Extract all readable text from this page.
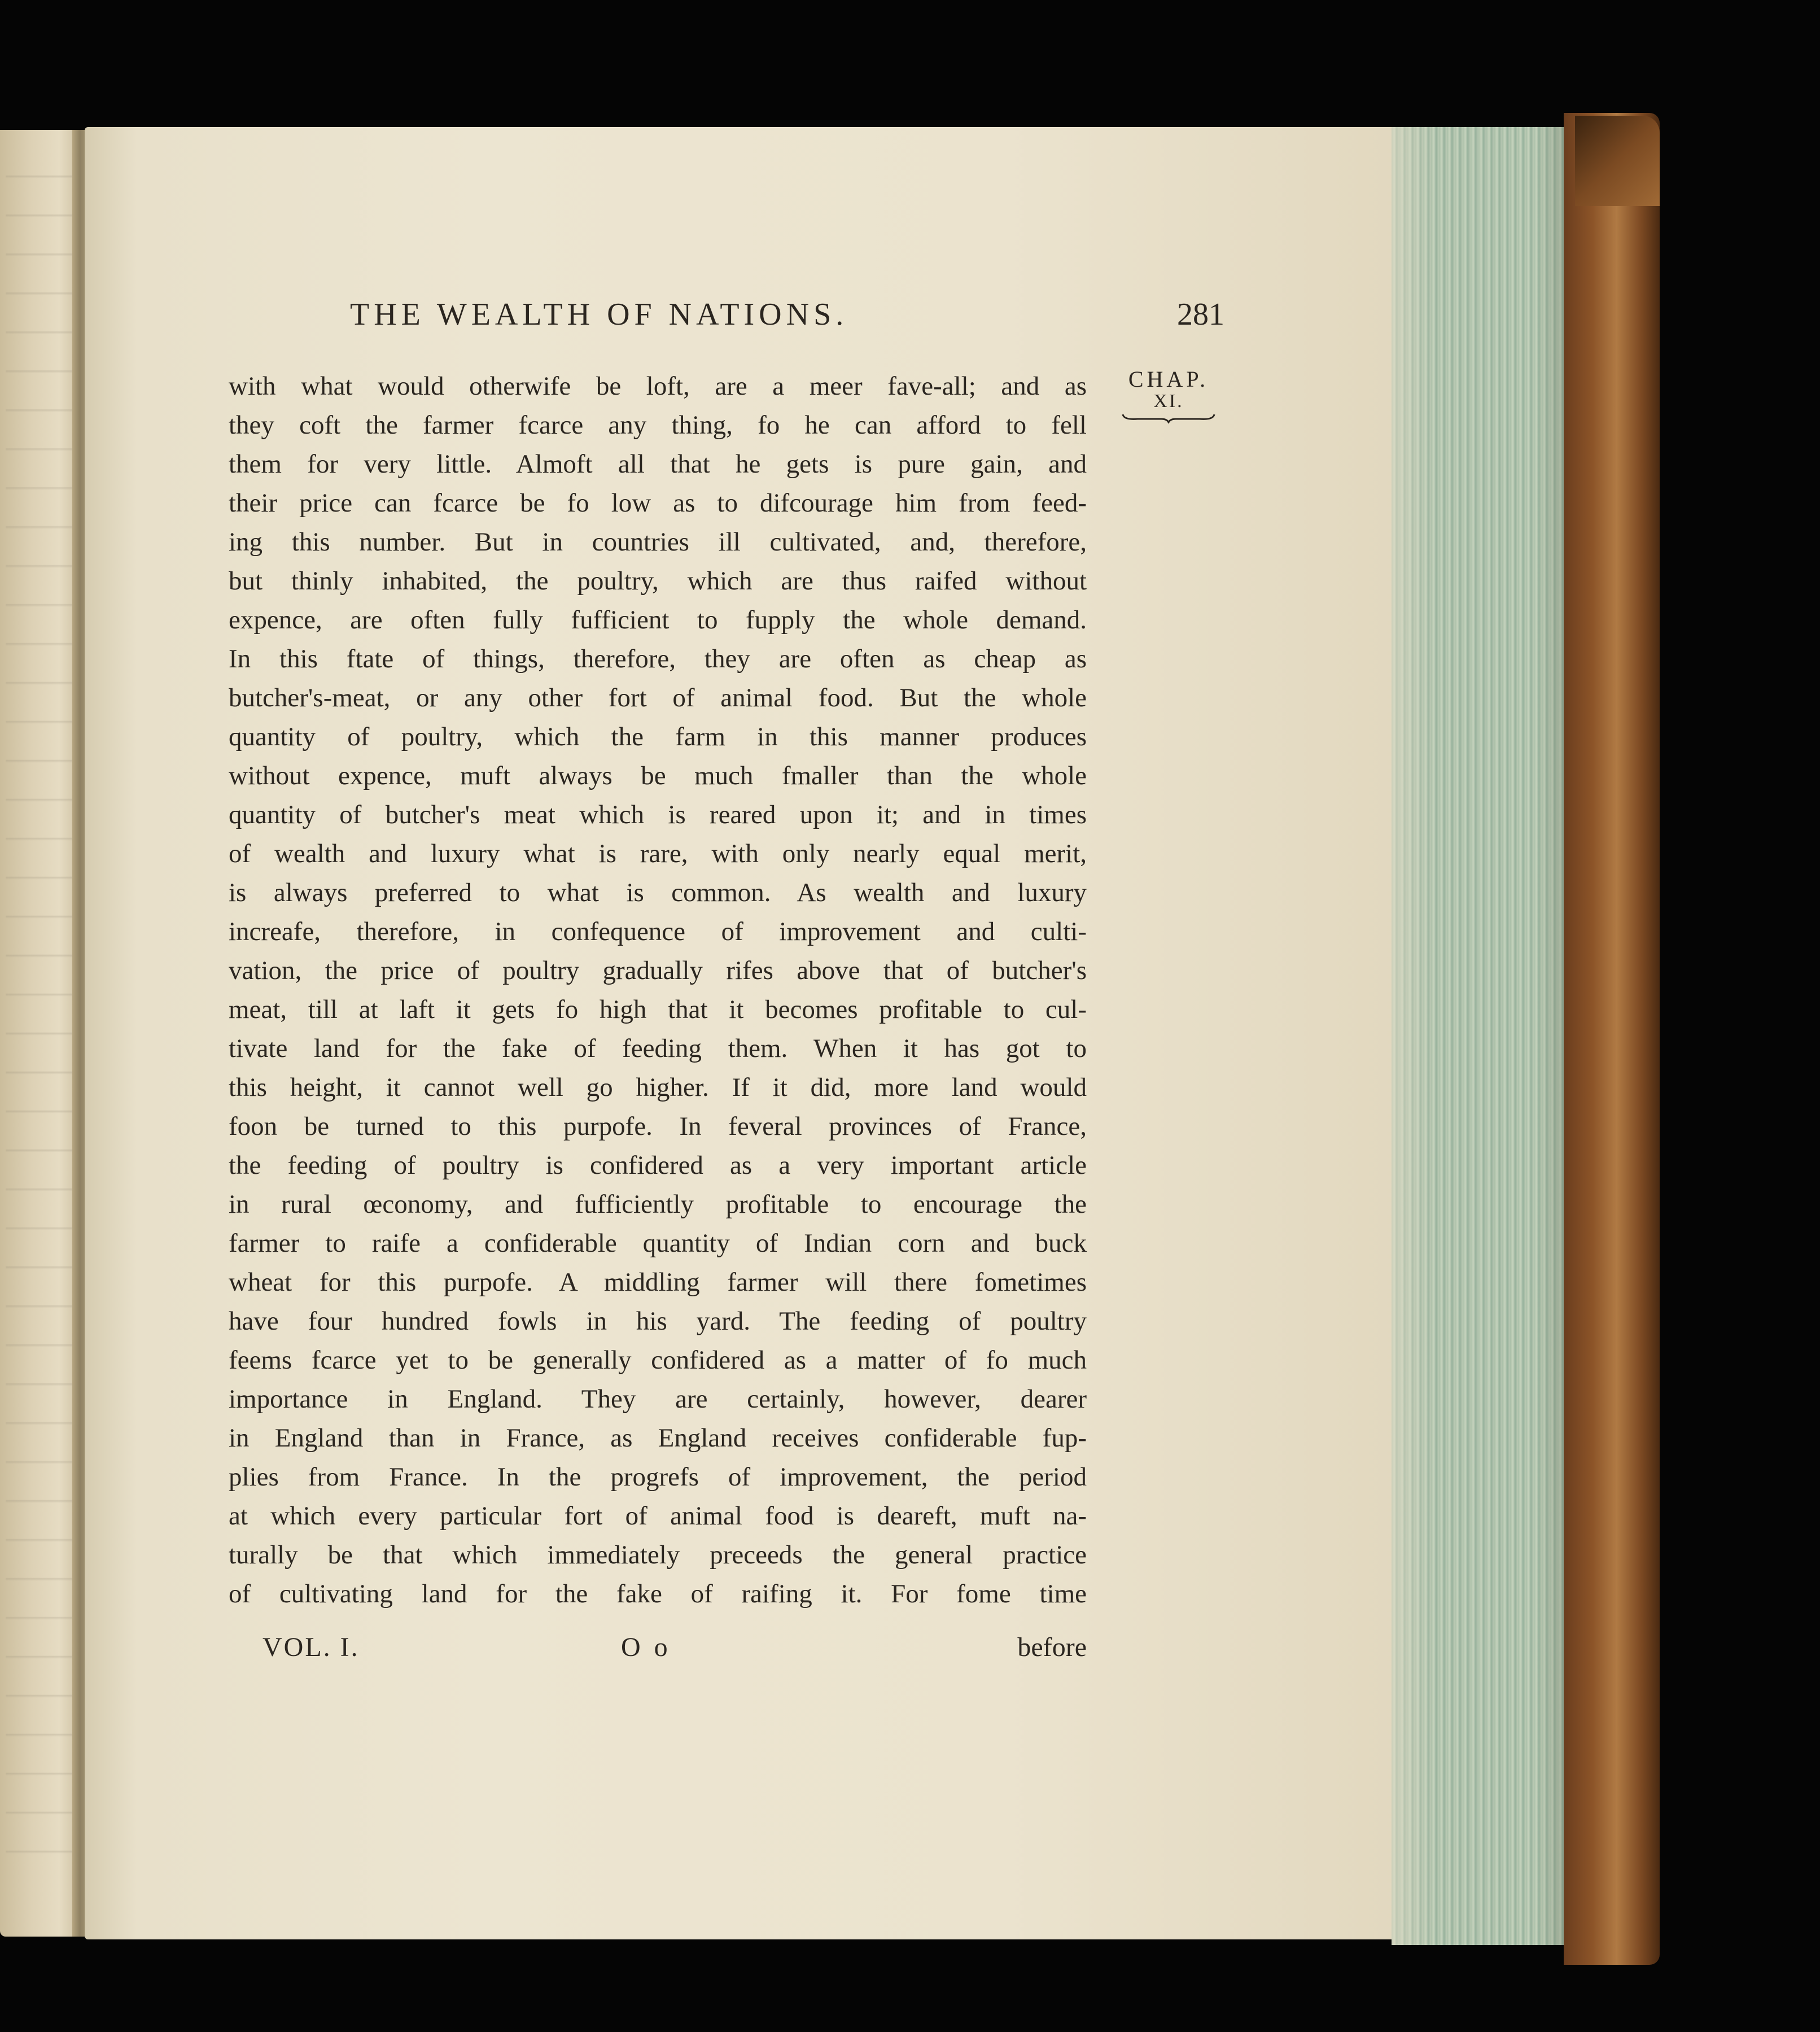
THE WEALTH OF NATIONS.	281
CHAP.
XI.
with what would otherwife be loft, are a meer fave-all; and as
they coft the farmer fcarce any thing, fo he can afford to fell
them for very little. Almoft all that he gets is pure gain, and
their price can fcarce be fo low as to difcourage him from feed-
ing this number. But in countries ill cultivated, and, therefore,
but thinly inhabited, the poultry, which are thus raifed without
expence, are often fully fufficient to fupply the whole demand.
In this ftate of things, therefore, they are often as cheap as
butcher's-meat, or any other fort of animal food. But the whole
quantity of poultry, which the farm in this manner produces
without expence, muft always be much fmaller than the whole
quantity of butcher's meat which is reared upon it; and in times
of wealth and luxury what is rare, with only nearly equal merit,
is always preferred to what is common. As wealth and luxury
increafe, therefore, in confequence of improvement and culti-
vation, the price of poultry gradually rifes above that of butcher's
meat, till at laft it gets fo high that it becomes profitable to cul-
tivate land for the fake of feeding them. When it has got to
this height, it cannot well go higher. If it did, more land would
foon be turned to this purpofe. In feveral provinces of France,
the feeding of poultry is confidered as a very important article
in rural œconomy, and fufficiently profitable to encourage the
farmer to raife a confiderable quantity of Indian corn and buck
wheat for this purpofe. A middling farmer will there fometimes
have four hundred fowls in his yard. The feeding of poultry
feems fcarce yet to be generally confidered as a matter of fo much
importance in England. They are certainly, however, dearer
in England than in France, as England receives confiderable fup-
plies from France. In the progrefs of improvement, the period
at which every particular fort of animal food is deareft, muft na-
turally be that which immediately preceeds the general practice
of cultivating land for the fake of raifing it. For fome time
VOL. I.	O o	before
